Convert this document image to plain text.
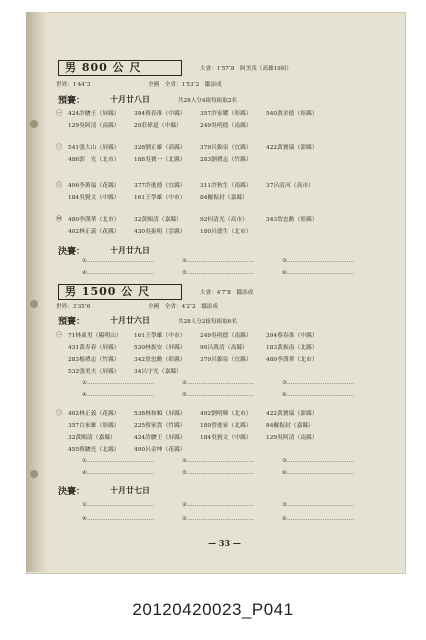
男 800 公 尺	大會：1′57″8　阿美茂（高雄19屆）
世界：1′44″3	全國　全省：1′53″2　鄒添成
預賽：	十月廿八日	共28人分4組每組取2名
㊀ 424許駿王（屏縣）	394蔡春淮（中縣）	357許家耀（彰縣）	540黃金德（彰縣）
129吳阿清（南縣）	20莊偉道（中縣）	249吳明德（南縣）
㊁ 541張大山（屏縣）	328劉正雄（高縣）	379呂錦泉（宜縣）	422黃寶瑞（澎縣）
486郭　光（北市）	188吳寶一（北縣）	283劉禮志（竹縣）
㊂ 406李萬福（花縣）	377許進德（宜縣）	311許秋生（南縣）	37呂清河（高市）
184吳賢文（中縣）	161王學雄（中市）	84羅振封（嘉縣）
㊃ 480李漢華（北市）	32黃順清（嘉縣）	92何清光（高市）	343詹忠勳（彰縣）
402林正義（花縣）	430吳振明（雲縣）	180呂德生（北市）
決賽：	十月廿九日
①………………………………	②………………………………	③………………………………
④………………………………	⑤………………………………	⑥………………………………
男 1500 公 尺	大會：4′7″8　鄒添成
世界：3′35″6	全國　全省：4′2″2　鄒添成
預賽：	十月廿六日	共28人分2組每組取6名
㊀ 71林東男（陽明山）	161王學雄（中市）	249吳明德（南縣）	394蔡春淮（中縣）
431黃寿春（屏縣）	530林振安（屏縣）	90呂萬清（高縣）	183黃振南（北縣）
283楊禮志（竹縣）	342詹忠勳（彰縣）	379呂錦泉（宜縣）	480李漢華（北市）
532張美夫（屏縣）	34呂守光（嘉縣）
①………………………………	②………………………………	③………………………………
④………………………………	⑤………………………………	⑥………………………………
㊁ 402林正義（花縣）	538林和順（屏縣）	492劉明輝（北市）	422黃寶瑞（澎縣）
357白家雄（彰縣）	225蔡家貴（竹縣）	189曾進家（北縣）	84羅振封（嘉縣）
32黃順清（嘉縣）	424許駿王（屏縣）	184吳賢文（中縣）	129吳阿清（南縣）
455蔡駿光（北縣）	400呂金坤（花縣）
①………………………………	②………………………………	③………………………………
④………………………………	⑤………………………………	⑥………………………………
決賽：	十月廿七日
①………………………………	②………………………………	③………………………………
④………………………………	⑤………………………………	⑥………………………………
— 33 —
20120420023_P041
